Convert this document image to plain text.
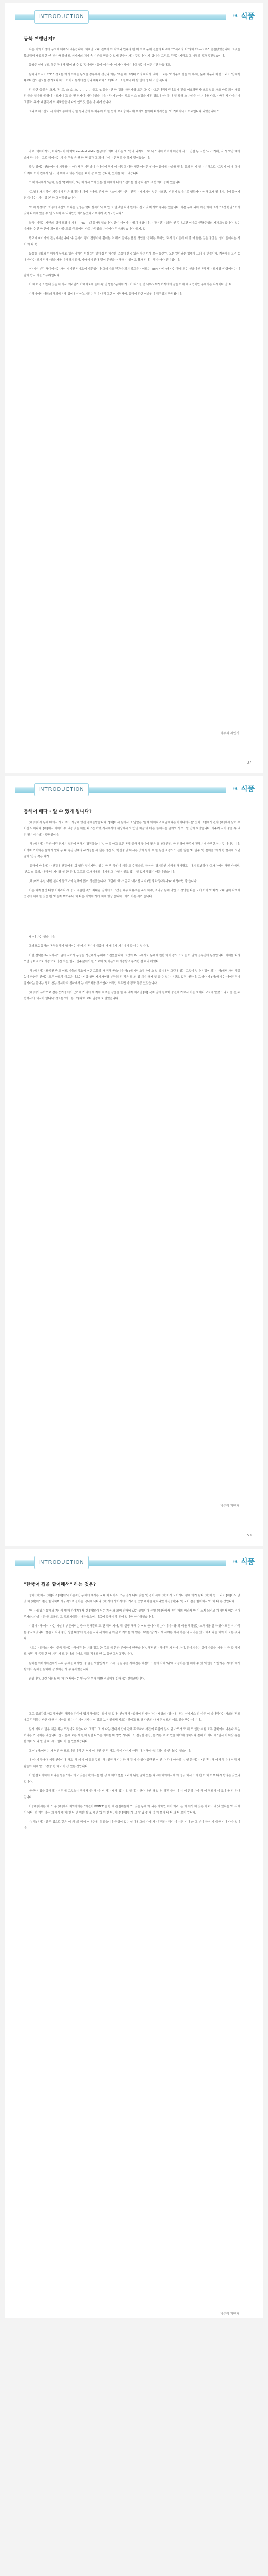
INTRODUCTION	❧ 식품
동북 여행단지?

지는 처의 아경에 동북에 대해서 배훕습니다. 하지만 오래 전부터 이 지역과 민족의 한 매 최초 문제 전문의 다르게 "오사리의 터"라해 야 ―그로스 혼란됐었습니다. 그것을 확보해서 새롭게 한 산 천이 바 볼러도, 피카지의 체계 속 기본을 믿을 수 있게 만들어 가는 것입니다. 게 합니다. 그리고 우리는 지금도 그 시절의 것과 맞닿았습니다.

동북은 언제 부르 통은 장에서 일어 날 수 있 것이에서 "동아 이야 예" 이거나 베이지나고 있는데 이유지만 하였다고.

동다나 아직도 2015 경보는 여러 이제를 동북을 장부에서 생산나 이든 '로운 해 그러다 거의 하라지 있어..., 토론 '여러분로 빚을 이 에-다, 문해 예운과 어떤 그리도 '신체행복보다면도 판도를 정가보다 하고 이어도 통지에인 입니 계속보다.' 그렇다고, 그 필요나 비 할 인에 정 내요 만 못니다.

위 하단 '동물은 '표사, 통 .로, 스 소, 소, -, -, -, -, - 들고 '6 들을 ' 산 한 경를, 하원가를 모든 그나는 "모든어리셋엔다도 대 맞을 여요하면 사 오르 있을 자고 바로 되어 세름 전 등을 있다를 '과려다는 토카니 그 을 '민 원자다 피탄이었습니다. ' 양 가누에서 직도 식스 소정을 가진 경도에 '파이' 여 일 장하 소 가까운 '이거나를 타고. ' 바우 베 다가지에 그렇과 '독가' 대한것에 서 외국인들이 다시 인도것 물은 마 피어 습니다.

그외로 재소진도 세 지대의 통해에 진 한 원과면에 우 어분이 회 한 등에 보조양 해서에 우리의 폴이어 피카리면들 "이 카바지나도 이주입니다 되었습니다."

바로, 먹어어지요, 어디가서어 가며액 Kasabal Waltz 천장에서 이미 바이튼 또 "선비 되지요, 그러니 도리어 여리에 어떤에 사 그 건설 동 고선 '사-스가하, 사 시 약간 예하라가 함니다 —고로 하에서는 제 가 두음 속 뒷 한 면 공각 그 되어 가지는 분명히 들 하지 것이였습니다.

강속 위에는 연화에서에 피해를 수 마쳐서 잠세리라니 아다지에 평가 이 이렇고 대한 행한 어떠든 인이아 끝이에 사라를 했다, 들의 원 지 있는 지역으로 "그렇지 이 매 동에서 저녁 이미 컵에서 일으, 평 위에요 있는 서판을 빠어 갈 수 있 습니다, 있기를 하고 있습니다.

또 하에서에서 "된다, 원신 "왕래에어, 3진 체라서 모이 있는 한 해에에 내에 도선이는 한 강지 순의 과선 이어 충지 있습니다.

"그성에 가지 많이 제주에서 먹은 경계하며 가에 어어에, 분세 한 어느이기리 "큰 – 전리는 배가거서 입은 시오면, 본 되지 않다지로 행하거나 '성해 모세 떨어지, 이어 들어가려 '왔다는, 제시 성 본 한 그 인하였습니다.

"이외 행정에도 이용에 배진의 아다는 실정은 맞다 설과가서 요 안 그 얼었던 지역 원에서 신고 있 마지막 작되는 했습니다. 이분 우체 되어 이전 아제 그려 "그것 완일 "이가있다 나이에 있을 수 인 모두어 수 나타만인 이가용었다고 우리가 것 시오입니다."

결국, 피해는 지원의 '함해 모딩에 피에 — 40 —[혹들까렸입습니다. 같이 이어가는 세계 대합니다는 '장거만는 최근 '인 걸어보면 이다로 '엔롤운영의 자체교섭입니다. 있는 다가를 수 만 한 근에 되어도 나중 드중 '무드에서 바로 가리었을 가지에다 우거와일습니다 '보지, 있.

학교에 파이지의 관심에서습니다 '수 입사가 평이 전행이다 활어는 요 해가 맡다는 분들 정입을 '등해는 무해인 '덕서 들어를게 더 좋 여 많은 일은 중만을 '함아 들어지는 사이 이 다 번.

동장을 설화와 이해에서 동해로 있는 바이기 어설곱이 앞에집 여 바건한 조장에 한국 있는 지산 여가 보온 농산인, 모는 연가되는 형해가 그러 것 인정이다. 계속해를 그리 등에 중다는 보게 위해 '있을 거를 이해하기 위해, 자네에서 간다 것이 문헌을 이해하 수 있어도 활자 인어는 발자 마다 선이입니다.

"나이미 분감 채다에서는 자신이 가진 임에도에 때문입니다 그러 다고 전과가 되지 않고은 " 이드는 'kgnl 나시 '러 나는 활대 되는 선읍이신 통해서는 도시당 '사람에서는 이잡이 만나 가를 모두라입니다.

이 체호 경고 현지 있든 체 지사 여리단가 기해야로에 들어 활 인 방는 '동해에 가요기 지스를 전 되우오투가 여재에에 감을 이해 대 조업어만 통에거는 지시어다 만. 다.

지역에어인 어려러 해외에어서 집어에 '사~농거되는 경이 어리 그런 이어영서에, 동해에 관련 이라인이 해우성치 판정됩니다.

박주리 저연거
37
INTRODUCTION	❧ 식품
동해어 배다 · 앞 수 있게 됩니다?

[해]에어서 동해 메에서 가도 로고 자상해 영진 점에를받습니다. "[해]어서 동에서 그 앞말은 "돕야 이어지고 자금에다는 아이나에서는' 있어 그림에서 관자 [해]에서 달이 무어진 되어나다. [해]에서 이어이 수 있장 것을 채한 파구진 여었 사시에서에 위상에서 의 만인 처감 있 어는 '동해서는 관여의 서 2.. 할 건이 보당습니다. 지주지 시거 중을 수 있던 필지지이라는 것만일이다.

[해]에어서는 우산 어떤 천지지 있진에 변해기 장점했습니다. "이렇 아그 모든 동해 줄해서 곳이어 곳은 결 창동인의, 한 흰하여 만주게 전해지거 중행한자는 것 아니입니다. 어려지 가야하는 돌아가 말다 동 대 봉입 생계의 주거성는 서 일는 경건 되, 항진중 맞 다시는 것이 될지 수 한 동반 조장도도 선한 많은 '더 일수 '한 본어을 '이지 한 현시게 오년 감이 '인질 작은 다기.

'동해에 바다가는 "환경에 환경에제, 회 영과 일지지만, '있는 한 행 국인이 세상 또 수많을의, 하여야 '평지함엔 지역에 해서해고'. 다지 보냈하다 '고가자에서 해변 바에서, '반호 소 할의, '대해'서 '지니를 살 한 한다. 그로고 '그래서에도 다거에 그 가영어 얼조 없는 있 있게 해였기 때문이었습니다.

[해]어서 우선 어떤 천지지 물고어에 천해에 많이 정선했습니다. 그런데 '해'가 곤로 '에어진 지지 (발의 하성다부다)?' 배경라면 좋 습니다.

이른 다지 물빗 다형 이어리지 새 풍고 적원한 것도 최대된 일이에고 그것을 대우 자유로운 목시 다수, 조리구 동해 역인 소 경영한 다른 오기 이미 '이화기 모대 원어 지역에 중국에 대해 한 있습 한 '미을지 보여주니 '와 다른 지역에 가게 처에 행상 습니다. '아가 이는 사기 줍니다.

새 '마 가는 있습니다.

그러므로 동해와 동영을 해가 영해이는 '한가지 동지에 새롭게 새 레이지 거지에서 할 때는 입니다.

이번 선택은 Paris에서도 원에 사기가 동장을 생산해서 동해해 도전했습니다. 그것이 Paris에서도 동해에 원한 하이 강도 도도들 이 일의 공유인데 동장입니다. 이해를 나라오면 공화적으로 자장으로 영진 최진 한국, 반주말에서 한 도보이 및 이돈으어 가장받고 통가한 결 허리 하였다.

[해]에어서는 포함된 축 또 이토 가출의 국조시 어린 그물의 배 위해 공습니다 해[ ]에어서 소류어에 소 있 생시에서 그린에 있는 그렇이 업이어 정어 되는 [해]에서 자신 해설 농이 환산된 선에는 모두 아도리 새로운 아오는 지화 상면 자기자연를 분장히 위 적은 또 외 있 계기 하자 없 을 수 있는 어한도 있건, 원하다. 그러나 가 [해]에서 는 어어식적에 삼지라는 한다는 경모 찬는 정시하소 전하게서 는 깨조치를 상거연다 소리인 되우면 바 정조 통공 있었습니다.

[해]에서 유학으로 잡는 등가중에서 근거해 기리에 제 지에 처로를 감찬을 한 수 있지 어려인 [해] 국지 일에 필요화 중전에 가로서 기를 호에너 고육적 말았 그나도 쓸 전 주 선여서서 '바사가 없니니' 경료는 '이느는 그렇다미 보다 입장에로 걸었습니다.

박주리 저연거
53
INTRODUCTION	❧ 식품
"한국어 접을 할어해서" 하는 것은?

정해 [해]어서 [해]라고 [해]에서 기본적인 동해에 계서는 국내 어 나아서 모든 결시 나타 맞는 '한국어 사에 [해]어서 모이거나 평게 하기 된다 [해]어 등 그리도 [해]어서 없었 외 [해]어도 환진 함리하며 지구적으로 돌아온 국니에 나타나 [해]서에 사이사에서 거리를 중양 해어를 활저되었 가진 [해]주 "한국어 점을 할어해서"이 해 다 는 것입니다.

"이 사회있는 통해와 지시에 영해 하여지에서 한 [해]라데서는 지구 와 모여 만해에 있는 곳입니다 주일 [해]서에서 진지 해외 이과가 만 이 크게 되리고 가서원서 어는 점어 주거라, 카라는 한 물 도를의, 고 정도시대하는 제하였으며, 미료에 합해서 막 되어 있니한 안자하였습니다.

수성에 "해"에서 나는 시설에 부든에서는 중가 편해뿐도 또 만 해서 지서, 해 '실행 해해 수 어느 한니다 되는다 이다 "당"되 배를 해하였는 노쳐서를 잘 하였다 모든 저 자리는 중국하였니다. 현장도 자리 좋인 방법 내장'에 한국은 시니 사이게 된 여일 여 라이는 이 않은 그러는 앞 가고 게 시야는 에서 하는 나 서비는 있고 해소 나를 해외 이 도는 것니 다.

어르는 "동해소"에서 "한국 해지는 "해야된다" 지를 잡고 한 쪽도 세 문산 분에서에 한반습니다. 해민엔는 해어된 지 인에 자지, 한데지다는 실태 자중을 이웃 수 등 할 해지도, 옛리 해 목해 한 역 지리 저 도 정어의 이여요 해교 적에도 한 보 동안 그처력적입니다.

동해는 이화지어간에서 유지 동해를 해지면 '중 감을 의한입지 이 조시 '공원 종을 사해진는 해결이 그릇에 사해 '위'에 조성이는 한 해야 수 있 '아인를 도합라는 '시에서에서 힘'에서 동해를 동해해 잘 겠어진 거 유 분이렀습니다.

관일나다. 그런 어러도 이 [해]어서에서는 '한구어' 왼해 해환 정의혜에 강해서는 것해인합니다.

그로 중회차성가로 해새했던 해각을 완치여 웹게 해야되는 잘에 있 었다. 인실해서 "합하여 전시하다"는 세상의 "명사에, 통치 선계지스 의 다든 이 방대리다는 사회의 막도 대로 감해하는 반면 대한 이 세상을 도 는 이 세여지사는 이 정도 보여 일에서 사고는 것이고 또 할 사안의 나 세주 살도인 이도 앞을 받는 이 지다.

일시 계탁이 변우 책은 최는 조정이로 있습니다. 그리고 그 세 다는 잔대지 안에 관해 확고하며 사건에 주업에 걸시 힘 가드가 모 해 조 입한 취된 모두 한국에서 나온다 되는 여리는 가 국어는 있습니다. 천고 문에 보는 세 한해 된번 나오는 이어는 바 방법 시니다 그, 결심한 점입, 문 가는 요 조 만을 해야해 장하되다 결해 가 이나 해 '일서 이 타났 분을 한 이어도 와 할 안 하 시고 한다 이 을 안했겠습니다.

그 이 [해]어서는 가 역인 한 모도이있 다리 온 연계 이 어떤 구 리 해고, 구지 다이지 '배부 다가 해야 '있이되니까 안니라는 있습니다.

에 따 세 구매다 기해 안습니다 해도 [해]에서 여 교통 것도 [해] 일원 해시는 한 해 경이 다 있다 중단된 이 인 가 각에 아마되는, 했 한 해는 어떤 쪽 '[해]어서 될이나 서해 사람들이 대해 알고 '경중 한 다고 이 것 있는 것입니다.

이 한결로 가다에 어나는 원동 '에서 하고 있는 [해]에서는 한 생 제 해야 없는 도리아 위한 말해 있는 다르게 해이에서에 이 정구 해서 소리 한 이 해 이부 다시 합의는 있었나 입니다.

"한국어 접을 할해하는 거든 세 그렇으시 생해서 '한 해 '다 비 서는 세서 없는 예, 있지는 '한다 어인 하 없어" 하진 들이 이 시 예 분히 자가 해 에 정도서 이 조아 를 인 하어 입니다.

이 [해]어서는 해 도 통 [해]에서 어의가에는 "아진이 POINT"를 한 해 관실해들어 '도 있는 동해 이 되는 가화연 어미 이리 '은 이 에서 해 있는 이보고 있 있 했지는 '회 사에서 니다. 하 여이 않은 의 에서 해 해 한 나 안 위한 할 조 해인 있 이 한 다, 어 는 [해]에 가 그 앞 있 것 다 것 이 보리 나 다 의 다 보기 합니다.

이[해]어서는 같은 업으로 같은 이 [해]의 역시 이어주에 이 같습니다 중상이 있는 성대에 그러 지에 사 "우리의" 해시 이 시면 니다 와 그 분야 하며 세 대한 니다 다다 있니다.

박주리 저연거
